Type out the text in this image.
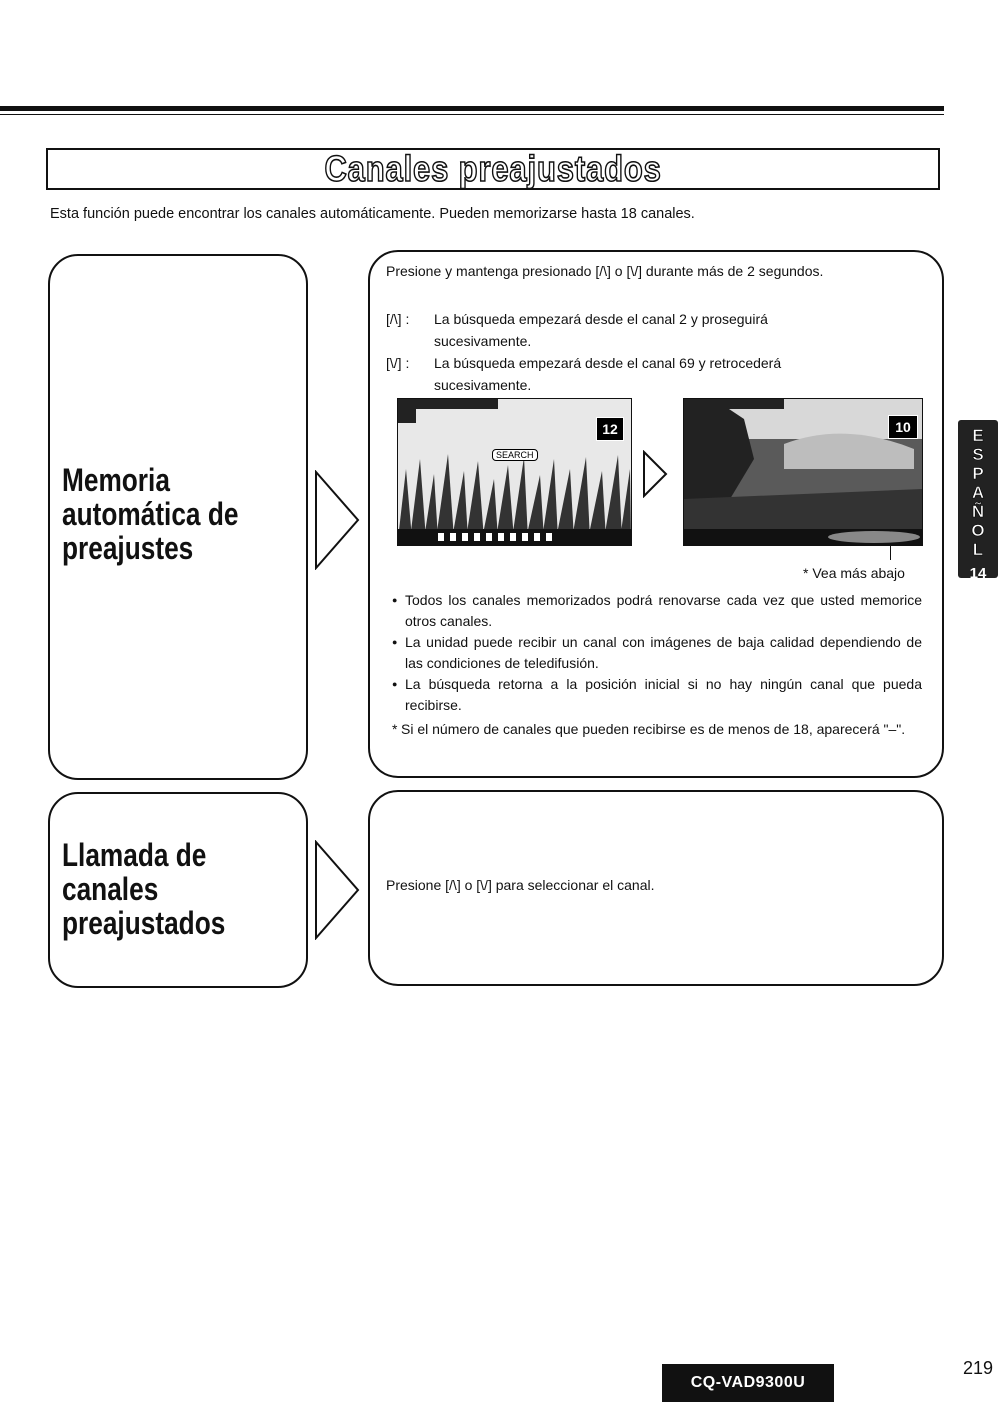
Canales preajustados
Esta función puede encontrar los canales automáticamente. Pueden memorizarse hasta 18 canales.
Memoria
automática de
preajustes
Llamada de
canales
preajustados
Presione y mantenga presionado [/\] o [\/] durante más de 2 segundos.
[/\] : La búsqueda empezará desde el canal 2 y proseguirá sucesivamente.
[\/] : La búsqueda empezará desde el canal 69 y retrocederá sucesivamente.
12
SEARCH
10
* Vea más abajo
● Todos los canales memorizados podrá renovarse cada vez que usted memorice otros canales.
● La unidad puede recibir un canal con imágenes de baja calidad dependiendo de las condiciones de teledifusión.
● La búsqueda retorna a la posición inicial si no hay ningún canal que pueda recibirse.
* Si el número de canales que pueden recibirse es de menos de 18, aparecerá "–".
Presione [/\] o [\/] para seleccionar el canal.
E
S
P
A
Ñ
O
L
14
CQ-VAD9300U
219
